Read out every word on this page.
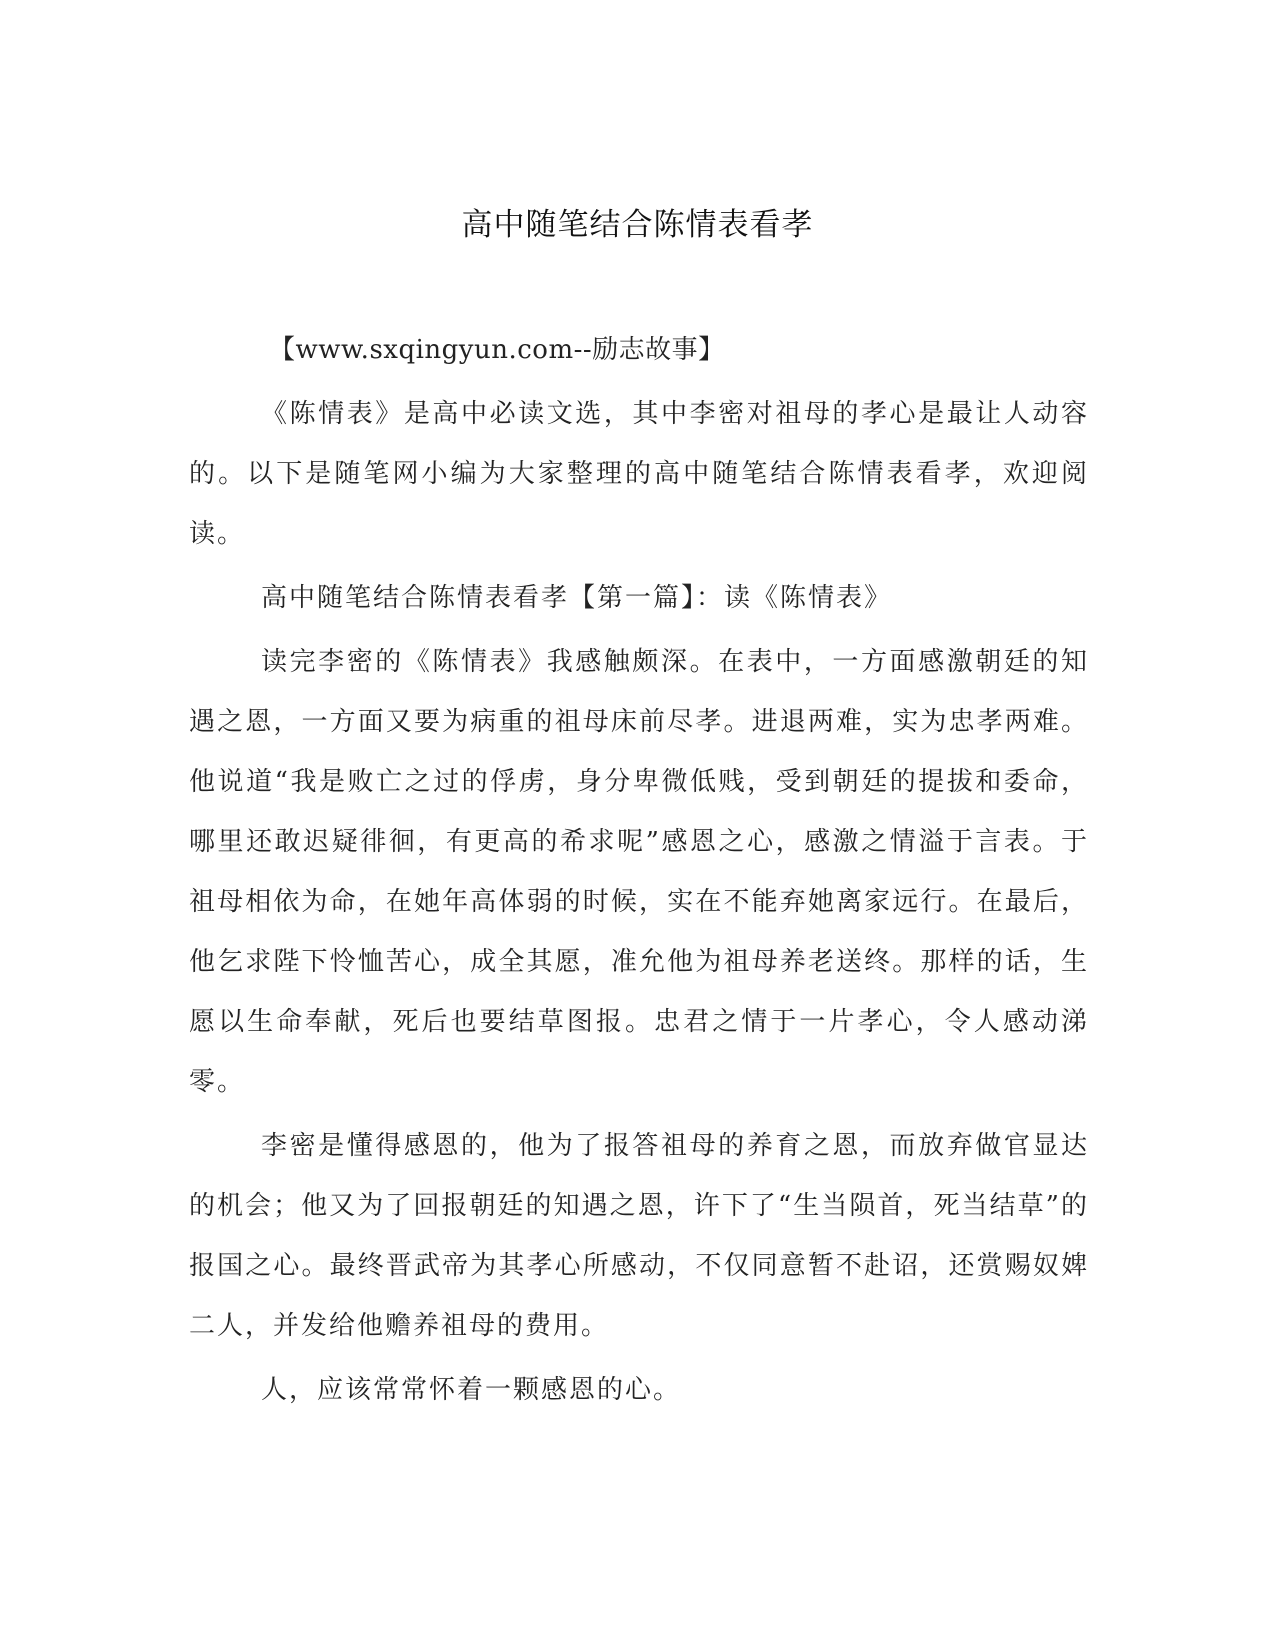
高中随笔结合陈情表看孝

【www.sxqingyun.com--励志故事】

《陈情表》是高中必读文选，其中李密对祖母的孝心是最让人动容的。以下是随笔网小编为大家整理的高中随笔结合陈情表看孝，欢迎阅读。

高中随笔结合陈情表看孝【第一篇】：读《陈情表》

读完李密的《陈情表》我感触颇深。在表中，一方面感激朝廷的知遇之恩，一方面又要为病重的祖母床前尽孝。进退两难，实为忠孝两难。他说道“我是败亡之过的俘虏，身分卑微低贱，受到朝廷的提拔和委命，哪里还敢迟疑徘徊，有更高的希求呢”感恩之心，感激之情溢于言表。于祖母相依为命，在她年高体弱的时候，实在不能弃她离家远行。在最后，他乞求陛下怜恤苦心，成全其愿，准允他为祖母养老送终。那样的话，生愿以生命奉献，死后也要结草图报。忠君之情于一片孝心，令人感动涕零。

李密是懂得感恩的，他为了报答祖母的养育之恩，而放弃做官显达的机会；他又为了回报朝廷的知遇之恩，许下了“生当陨首，死当结草”的报国之心。最终晋武帝为其孝心所感动，不仅同意暂不赴诏，还赏赐奴婢二人，并发给他赡养祖母的费用。

人，应该常常怀着一颗感恩的心。
